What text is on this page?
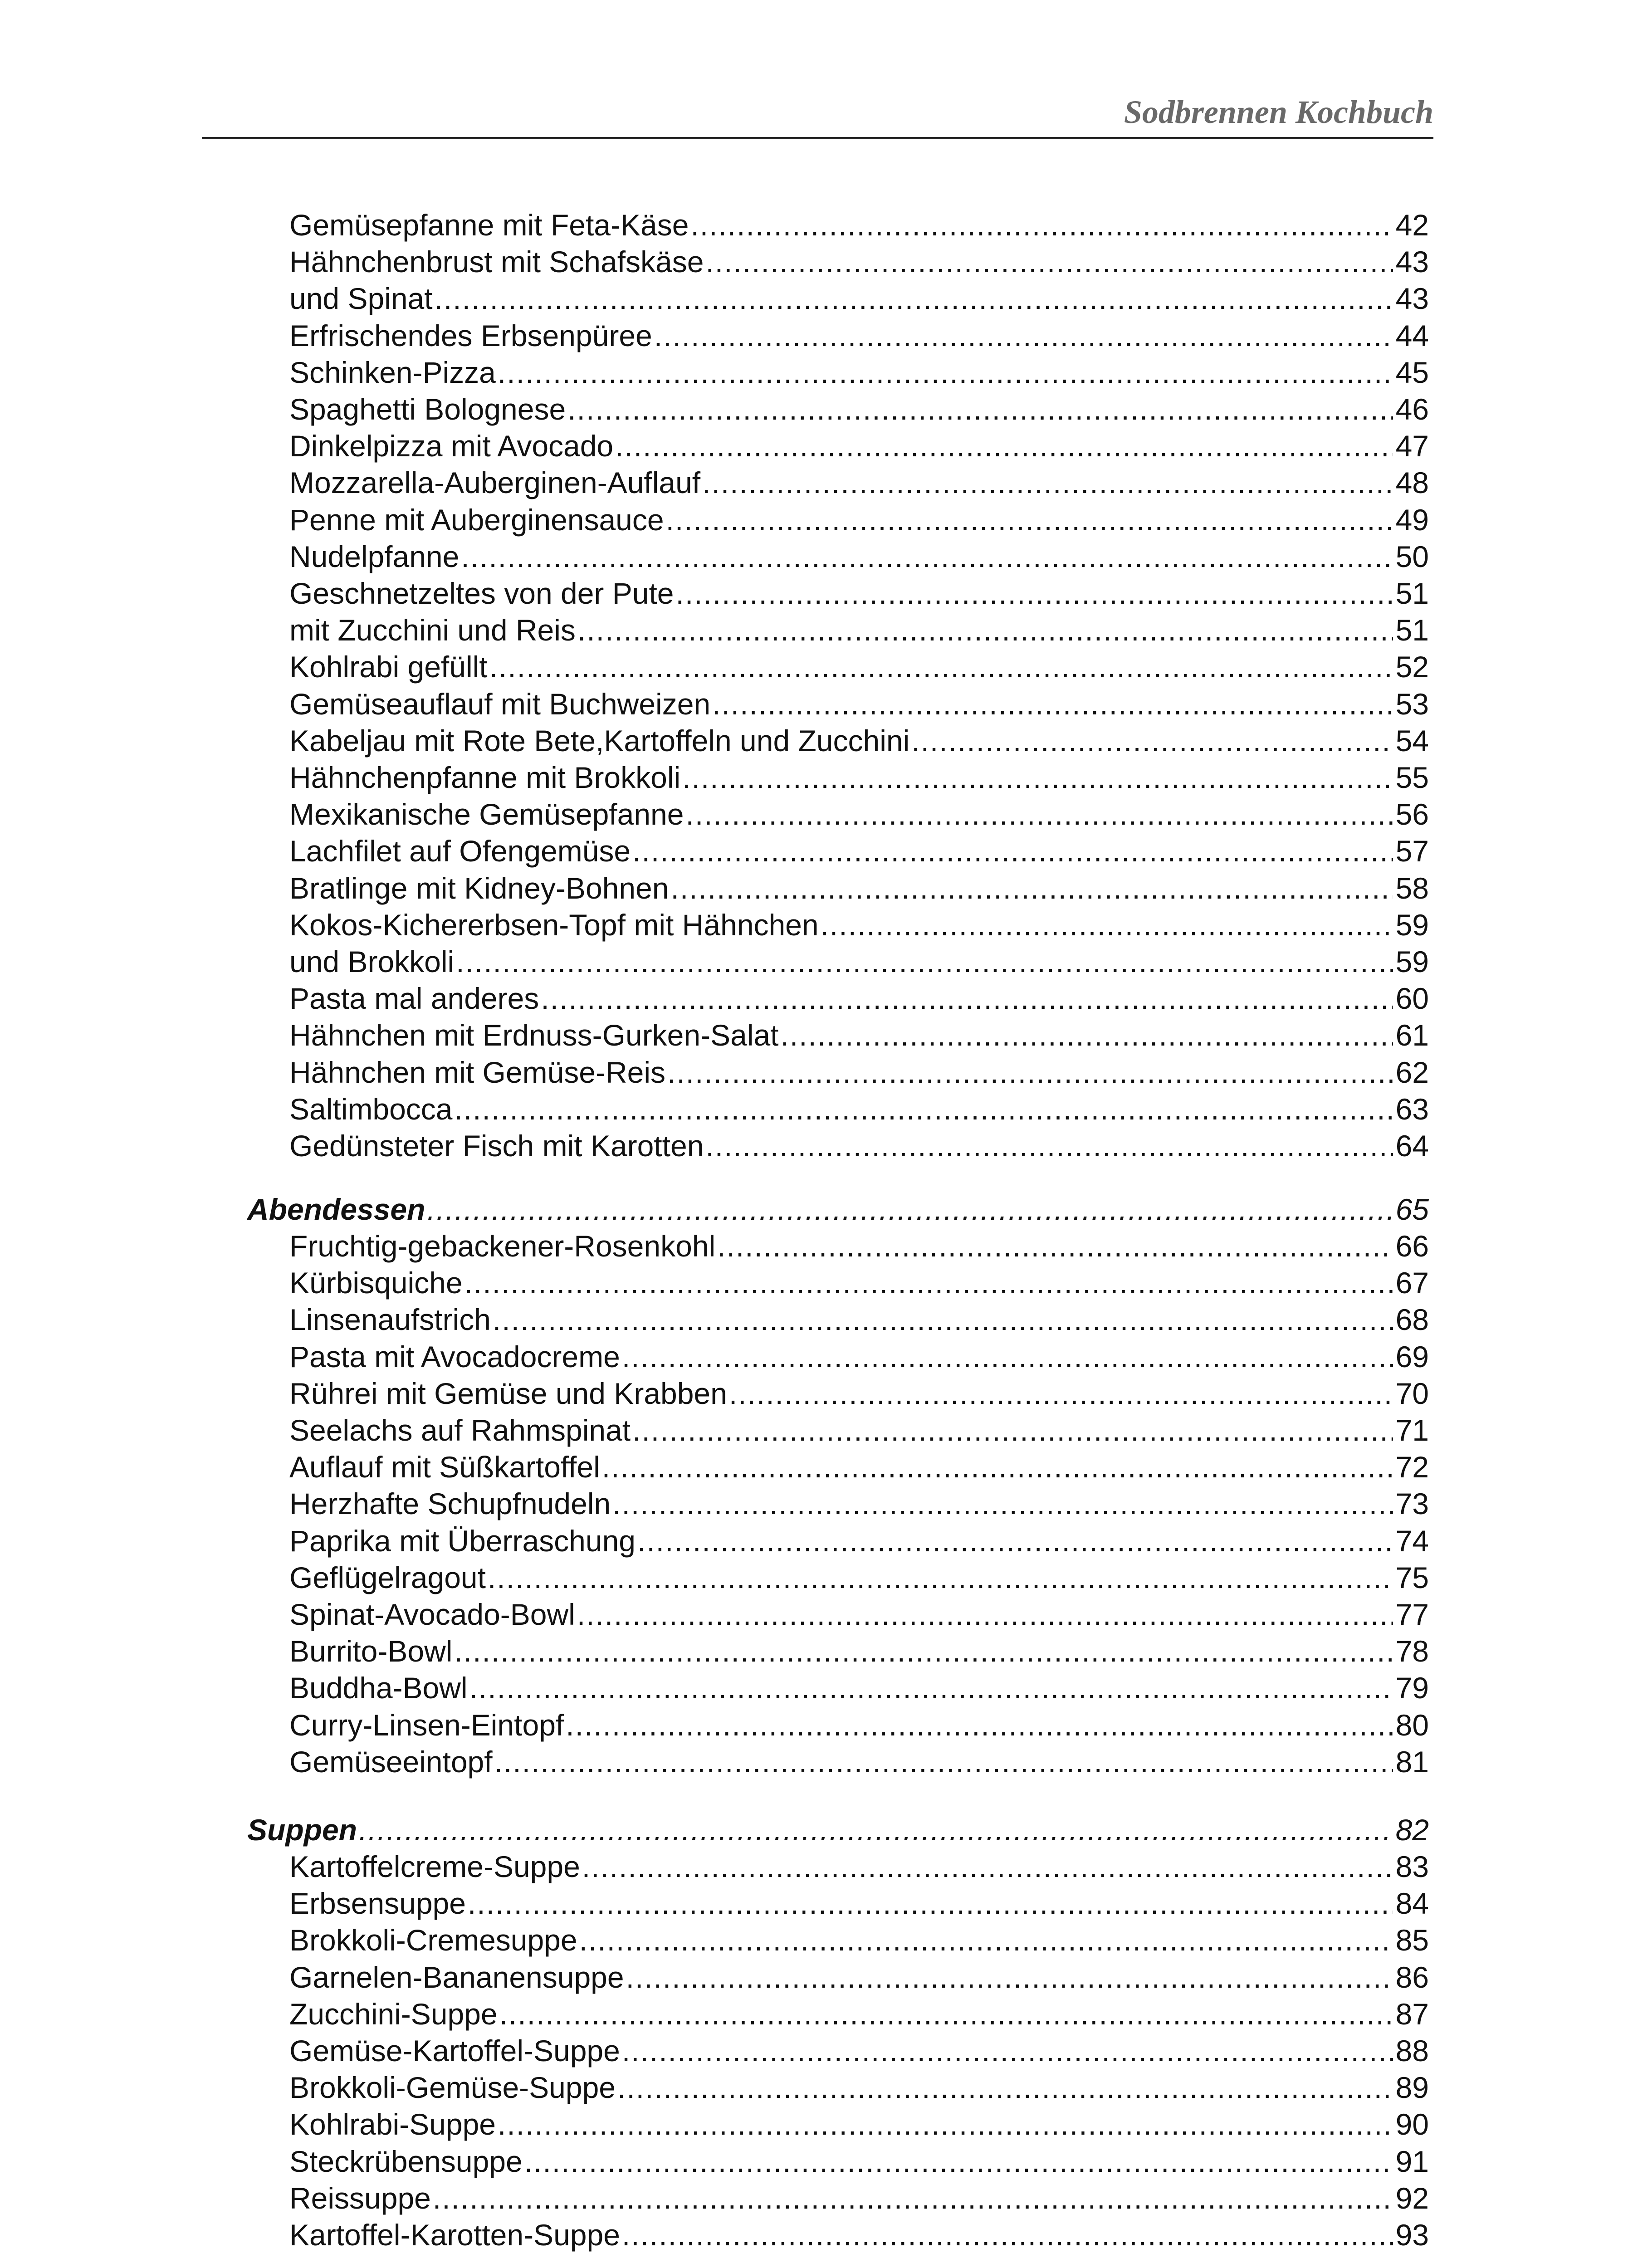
Sodbrennen Kochbuch
Gemüsepfanne mit Feta-Käse .....	42
Hähnchenbrust mit Schafskäse .....	43
und Spinat .....	43
Erfrischendes Erbsenpüree .....	44
Schinken-Pizza .....	45
Spaghetti Bolognese .....	46
Dinkelpizza mit Avocado .....	47
Mozzarella-Auberginen-Auflauf .....	48
Penne mit Auberginensauce .....	49
Nudelpfanne .....	50
Geschnetzeltes von der Pute .....	51
mit Zucchini und Reis .....	51
Kohlrabi gefüllt .....	52
Gemüseauflauf mit Buchweizen .....	53
Kabeljau mit Rote Bete,Kartoffeln und Zucchini .....	54
Hähnchenpfanne mit Brokkoli .....	55
Mexikanische Gemüsepfanne .....	56
Lachfilet auf Ofengemüse .....	57
Bratlinge mit Kidney-Bohnen .....	58
Kokos-Kichererbsen-Topf mit Hähnchen .....	59
und Brokkoli .....	59
Pasta mal anderes .....	60
Hähnchen mit Erdnuss-Gurken-Salat .....	61
Hähnchen mit Gemüse-Reis .....	62
Saltimbocca .....	63
Gedünsteter Fisch mit Karotten .....	64
Abendessen .....	65
Fruchtig-gebackener-Rosenkohl .....	66
Kürbisquiche .....	67
Linsenaufstrich .....	68
Pasta mit Avocadocreme .....	69
Rührei mit Gemüse und Krabben .....	70
Seelachs auf Rahmspinat .....	71
Auflauf mit Süßkartoffel .....	72
Herzhafte Schupfnudeln .....	73
Paprika mit Überraschung .....	74
Geflügelragout .....	75
Spinat-Avocado-Bowl .....	77
Burrito-Bowl .....	78
Buddha-Bowl .....	79
Curry-Linsen-Eintopf .....	80
Gemüseeintopf .....	81
Suppen .....	82
Kartoffelcreme-Suppe .....	83
Erbsensuppe .....	84
Brokkoli-Cremesuppe .....	85
Garnelen-Bananensuppe .....	86
Zucchini-Suppe .....	87
Gemüse-Kartoffel-Suppe .....	88
Brokkoli-Gemüse-Suppe .....	89
Kohlrabi-Suppe .....	90
Steckrübensuppe .....	91
Reissuppe .....	92
Kartoffel-Karotten-Suppe .....	93
